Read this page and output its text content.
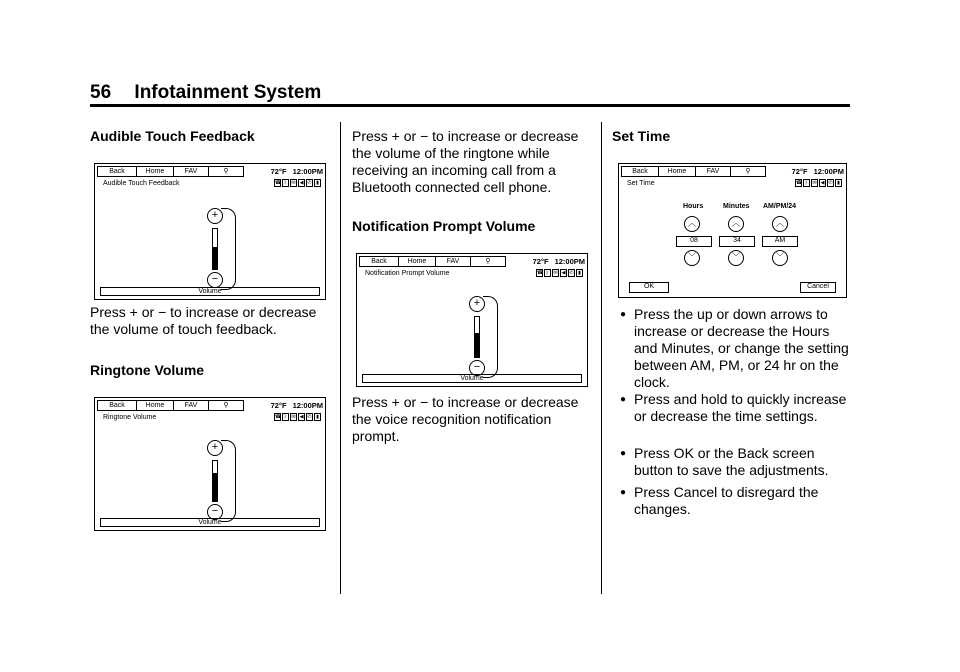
56 Infotainment System
Audible Touch Feedback
Back	Home	FAV	⚲	72°F 12:00PM
Audible Touch Feedback	☎ ᛒ ✉ ◀ ✆ ▮
+
−
Volume
Press + or − to increase or decrease the volume of touch feedback.
Ringtone Volume
Back	Home	FAV	⚲	72°F 12:00PM
Ringtone Volume	☎ ᛒ ✉ ◀ ✆ ▮
+
−
Volume
Press + or − to increase or decrease the volume of the ringtone while receiving an incoming call from a Bluetooth connected cell phone.
Notification Prompt Volume
Back	Home	FAV	⚲	72°F 12:00PM
Notification Prompt Volume	☎ ᛒ ✉ ◀ ✆ ▮
+
−
Volume
Press + or − to increase or decrease the voice recognition notification prompt.
Set Time
Back	Home	FAV	⚲	72°F 12:00PM
Set Time	☎ ᛒ ✉ ◀ ✆ ▮
Hours	Minutes AM/PM/24
︿	︿	︿
08	34	AM
﹀	﹀	﹀
OK	Cancel
● Press the up or down arrows to increase or decrease the Hours and Minutes, or change the setting between AM, PM, or 24 hr on the clock.
● Press and hold to quickly increase or decrease the time settings.
● Press OK or the Back screen button to save the adjustments.
● Press Cancel to disregard the changes.
